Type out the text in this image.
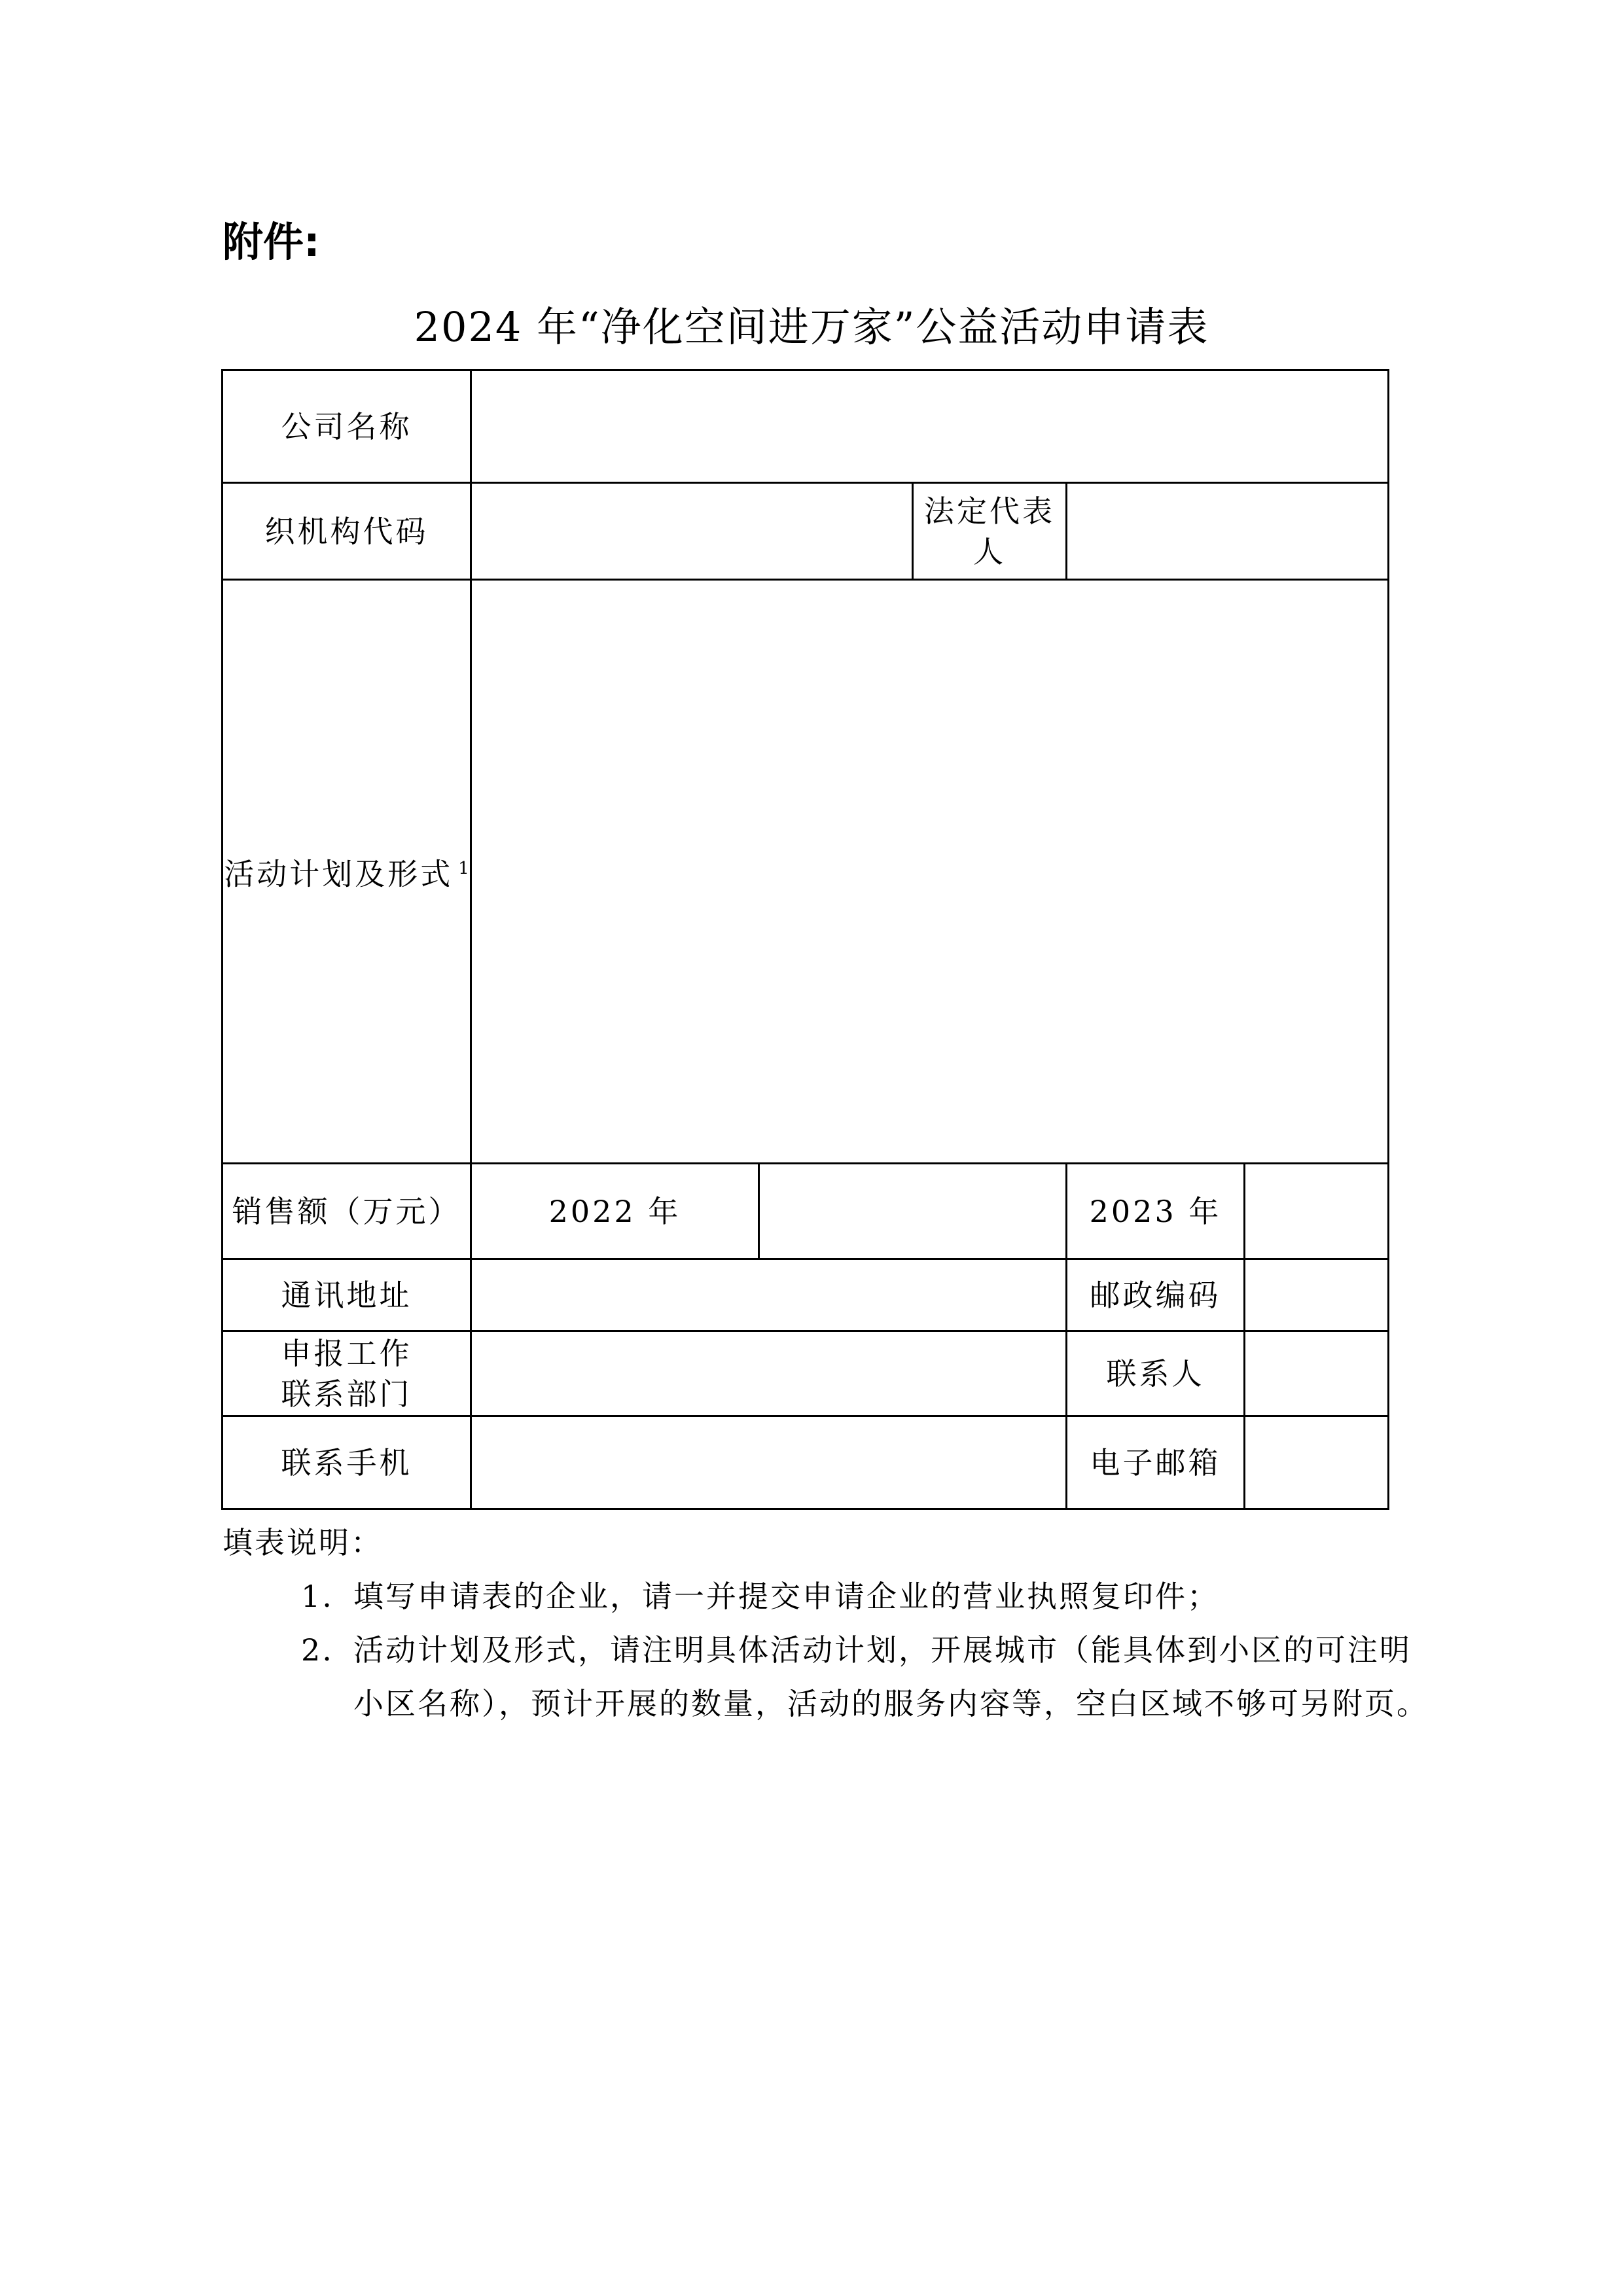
附件:
2024 年“净化空间进万家”公益活动申请表
公司名称					
织机构代码			法定代表人		
活动计划及形式 $^1$	
销售额（万元）	2022 年			2023 年	
通讯地址				邮政编码	

申报工作
联系部门				联系人	
联系手机				电子邮箱	
填表说明：
1. 填写申请表的企业，请一并提交申请企业的营业执照复印件；
2. 活动计划及形式，请注明具体活动计划，开展城市（能具体到小区的可注明小区名称），预计开展的数量，活动的服务内容等，空白区域不够可另附页。
